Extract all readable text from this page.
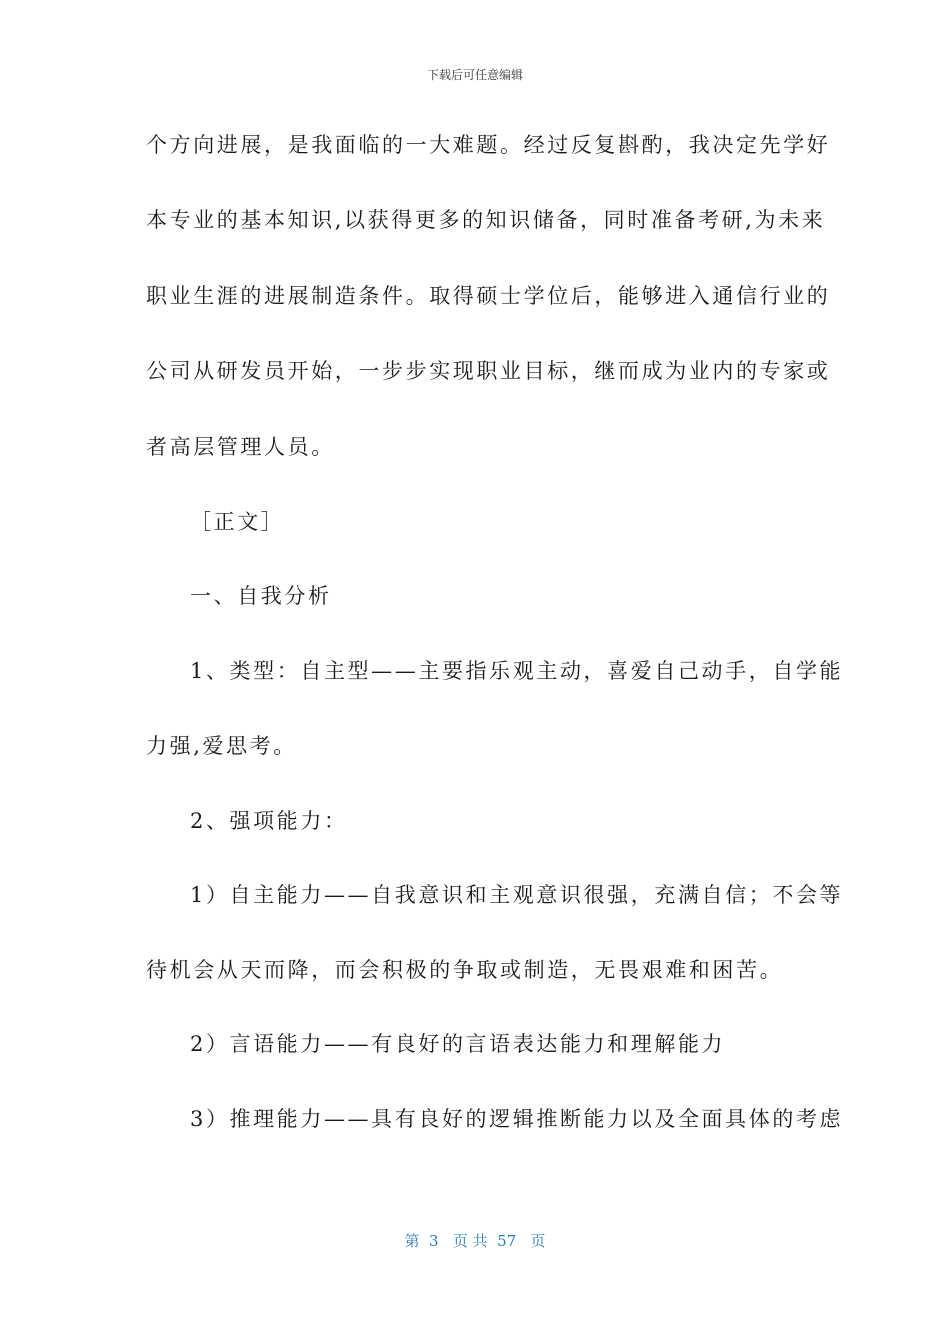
下载后可任意编辑
个方向进展，是我面临的一大难题。经过反复斟酌，我决定先学好
本专业的基本知识,以获得更多的知识储备，同时准备考研,为未来
职业生涯的进展制造条件。取得硕士学位后，能够进入通信行业的
公司从研发员开始，一步步实现职业目标，继而成为业内的专家或
者高层管理人员。
［正文］
一、自我分析
1、类型：自主型——主要指乐观主动，喜爱自己动手，自学能
力强,爱思考。
2、强项能力：
1）自主能力——自我意识和主观意识很强，充满自信；不会等
待机会从天而降，而会积极的争取或制造，无畏艰难和困苦。
2）言语能力——有良好的言语表达能力和理解能力
3）推理能力——具有良好的逻辑推断能力以及全面具体的考虑
第  3   页 共  57   页
